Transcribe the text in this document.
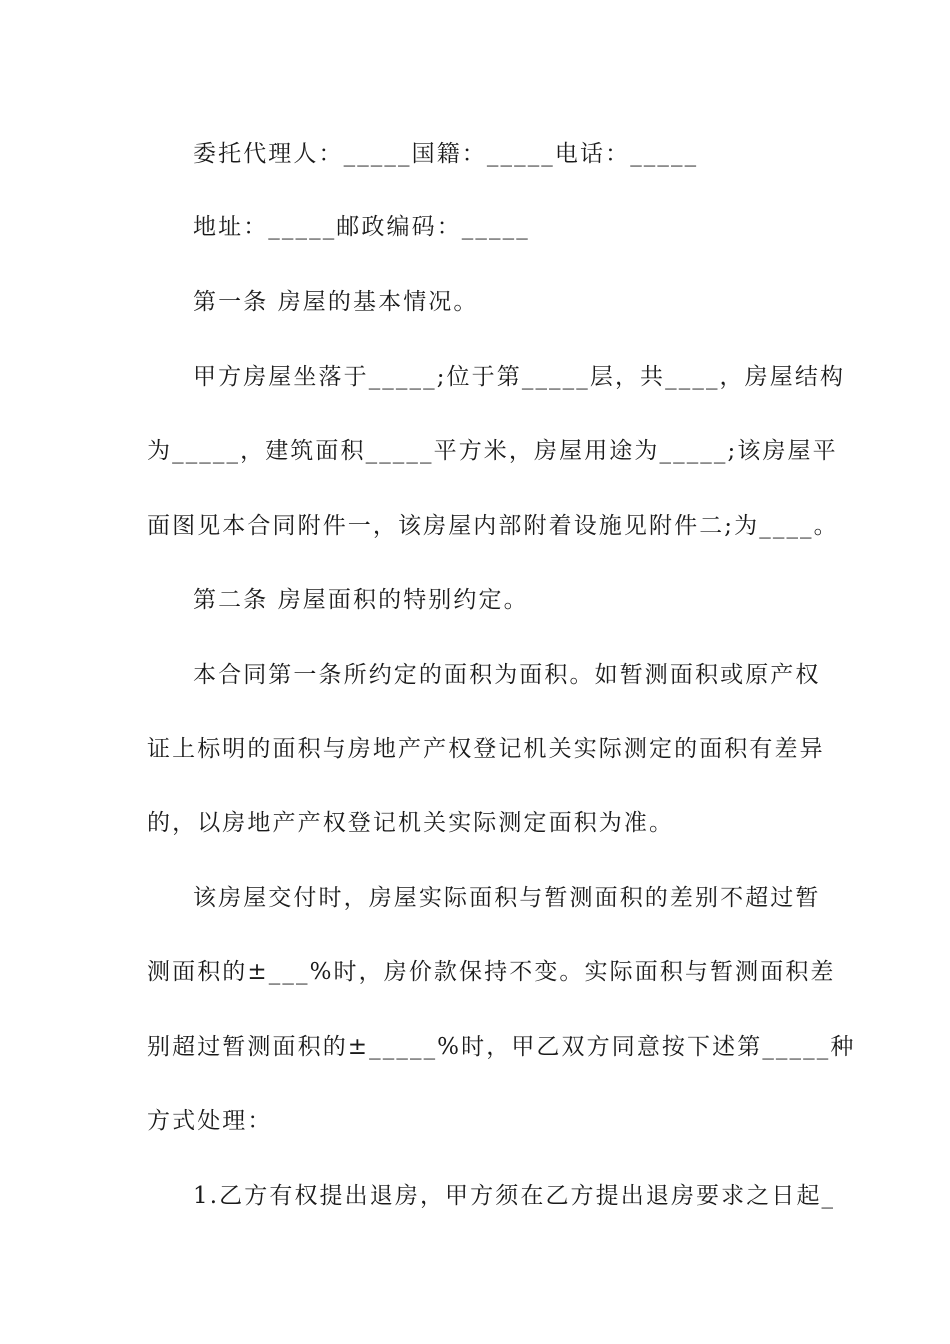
委托代理人：_____国籍：_____电话：_____

地址：_____邮政编码：_____

第一条 房屋的基本情况。

甲方房屋坐落于_____;位于第_____层，共____，房屋结构

为_____，建筑面积_____平方米，房屋用途为_____;该房屋平

面图见本合同附件一，该房屋内部附着设施见附件二;为____。

第二条 房屋面积的特别约定。

本合同第一条所约定的面积为面积。如暂测面积或原产权

证上标明的面积与房地产产权登记机关实际测定的面积有差异

的，以房地产产权登记机关实际测定面积为准。

该房屋交付时，房屋实际面积与暂测面积的差别不超过暂

测面积的±___%时，房价款保持不变。实际面积与暂测面积差

别超过暂测面积的±_____%时，甲乙双方同意按下述第_____种

方式处理：

1.乙方有权提出退房，甲方须在乙方提出退房要求之日起_
